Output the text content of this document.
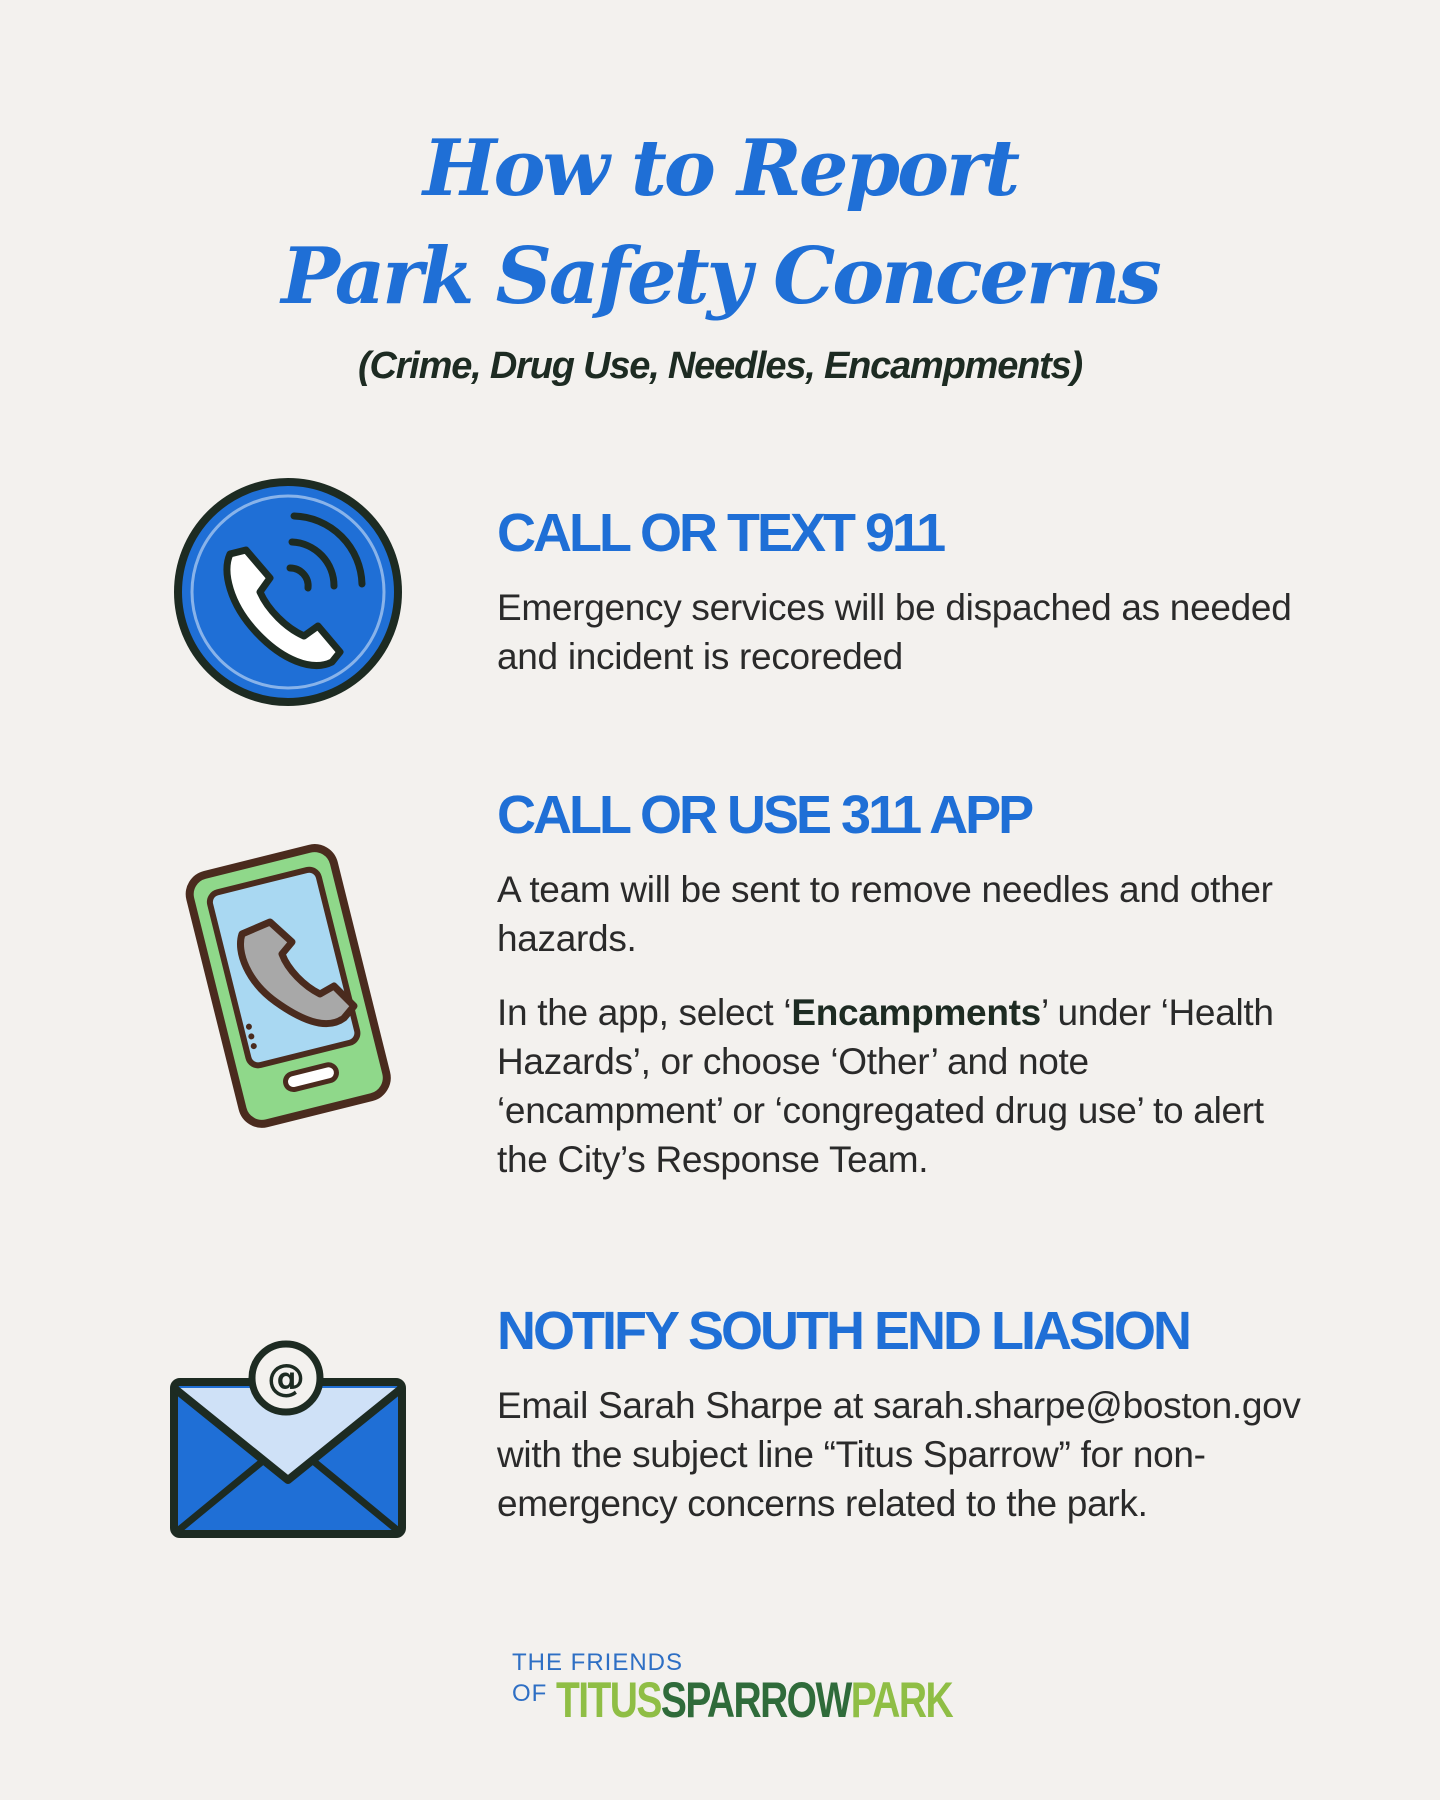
How to Report
Park Safety Concerns
(Crime, Drug Use, Needles, Encampments)
CALL OR TEXT 911
Emergency services will be dispached as needed and incident is recoreded
CALL OR USE 311 APP
A team will be sent to remove needles and other hazards.
In the app, select ‘Encampments’ under ‘Health Hazards’, or choose ‘Other’ and note ‘encampment’ or ‘congregated drug use’ to alert the City’s Response Team.
@
NOTIFY SOUTH END LIASION
Email Sarah Sharpe at sarah.sharpe@boston.gov with the subject line “Titus Sparrow” for non-emergency concerns related to the park.
THE FRIENDS
OF TITUSSPARROWPARK
